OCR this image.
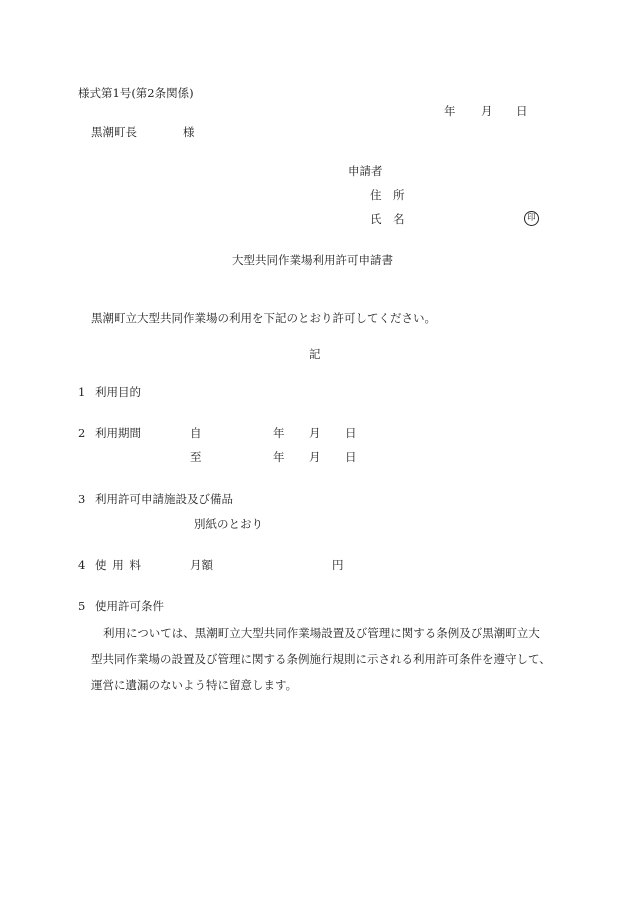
様式第1号(第2条関係)
年 月 日
黒潮町長	様
申請者
住　所
氏　名	印
大型共同作業場利用許可申請書
黒潮町立大型共同作業場の利用を下記のとおり許可してください。
記
1 利用目的
2 利用期間	自	年 月 日
至	年 月 日
3 利用許可申請施設及び備品
別紙のとおり
4 使 用 料	月額	円
5 使用許可条件
利用については、黒潮町立大型共同作業場設置及び管理に関する条例及び黒潮町立大
型共同作業場の設置及び管理に関する条例施行規則に示される利用許可条件を遵守して、
運営に遺漏のないよう特に留意します。
